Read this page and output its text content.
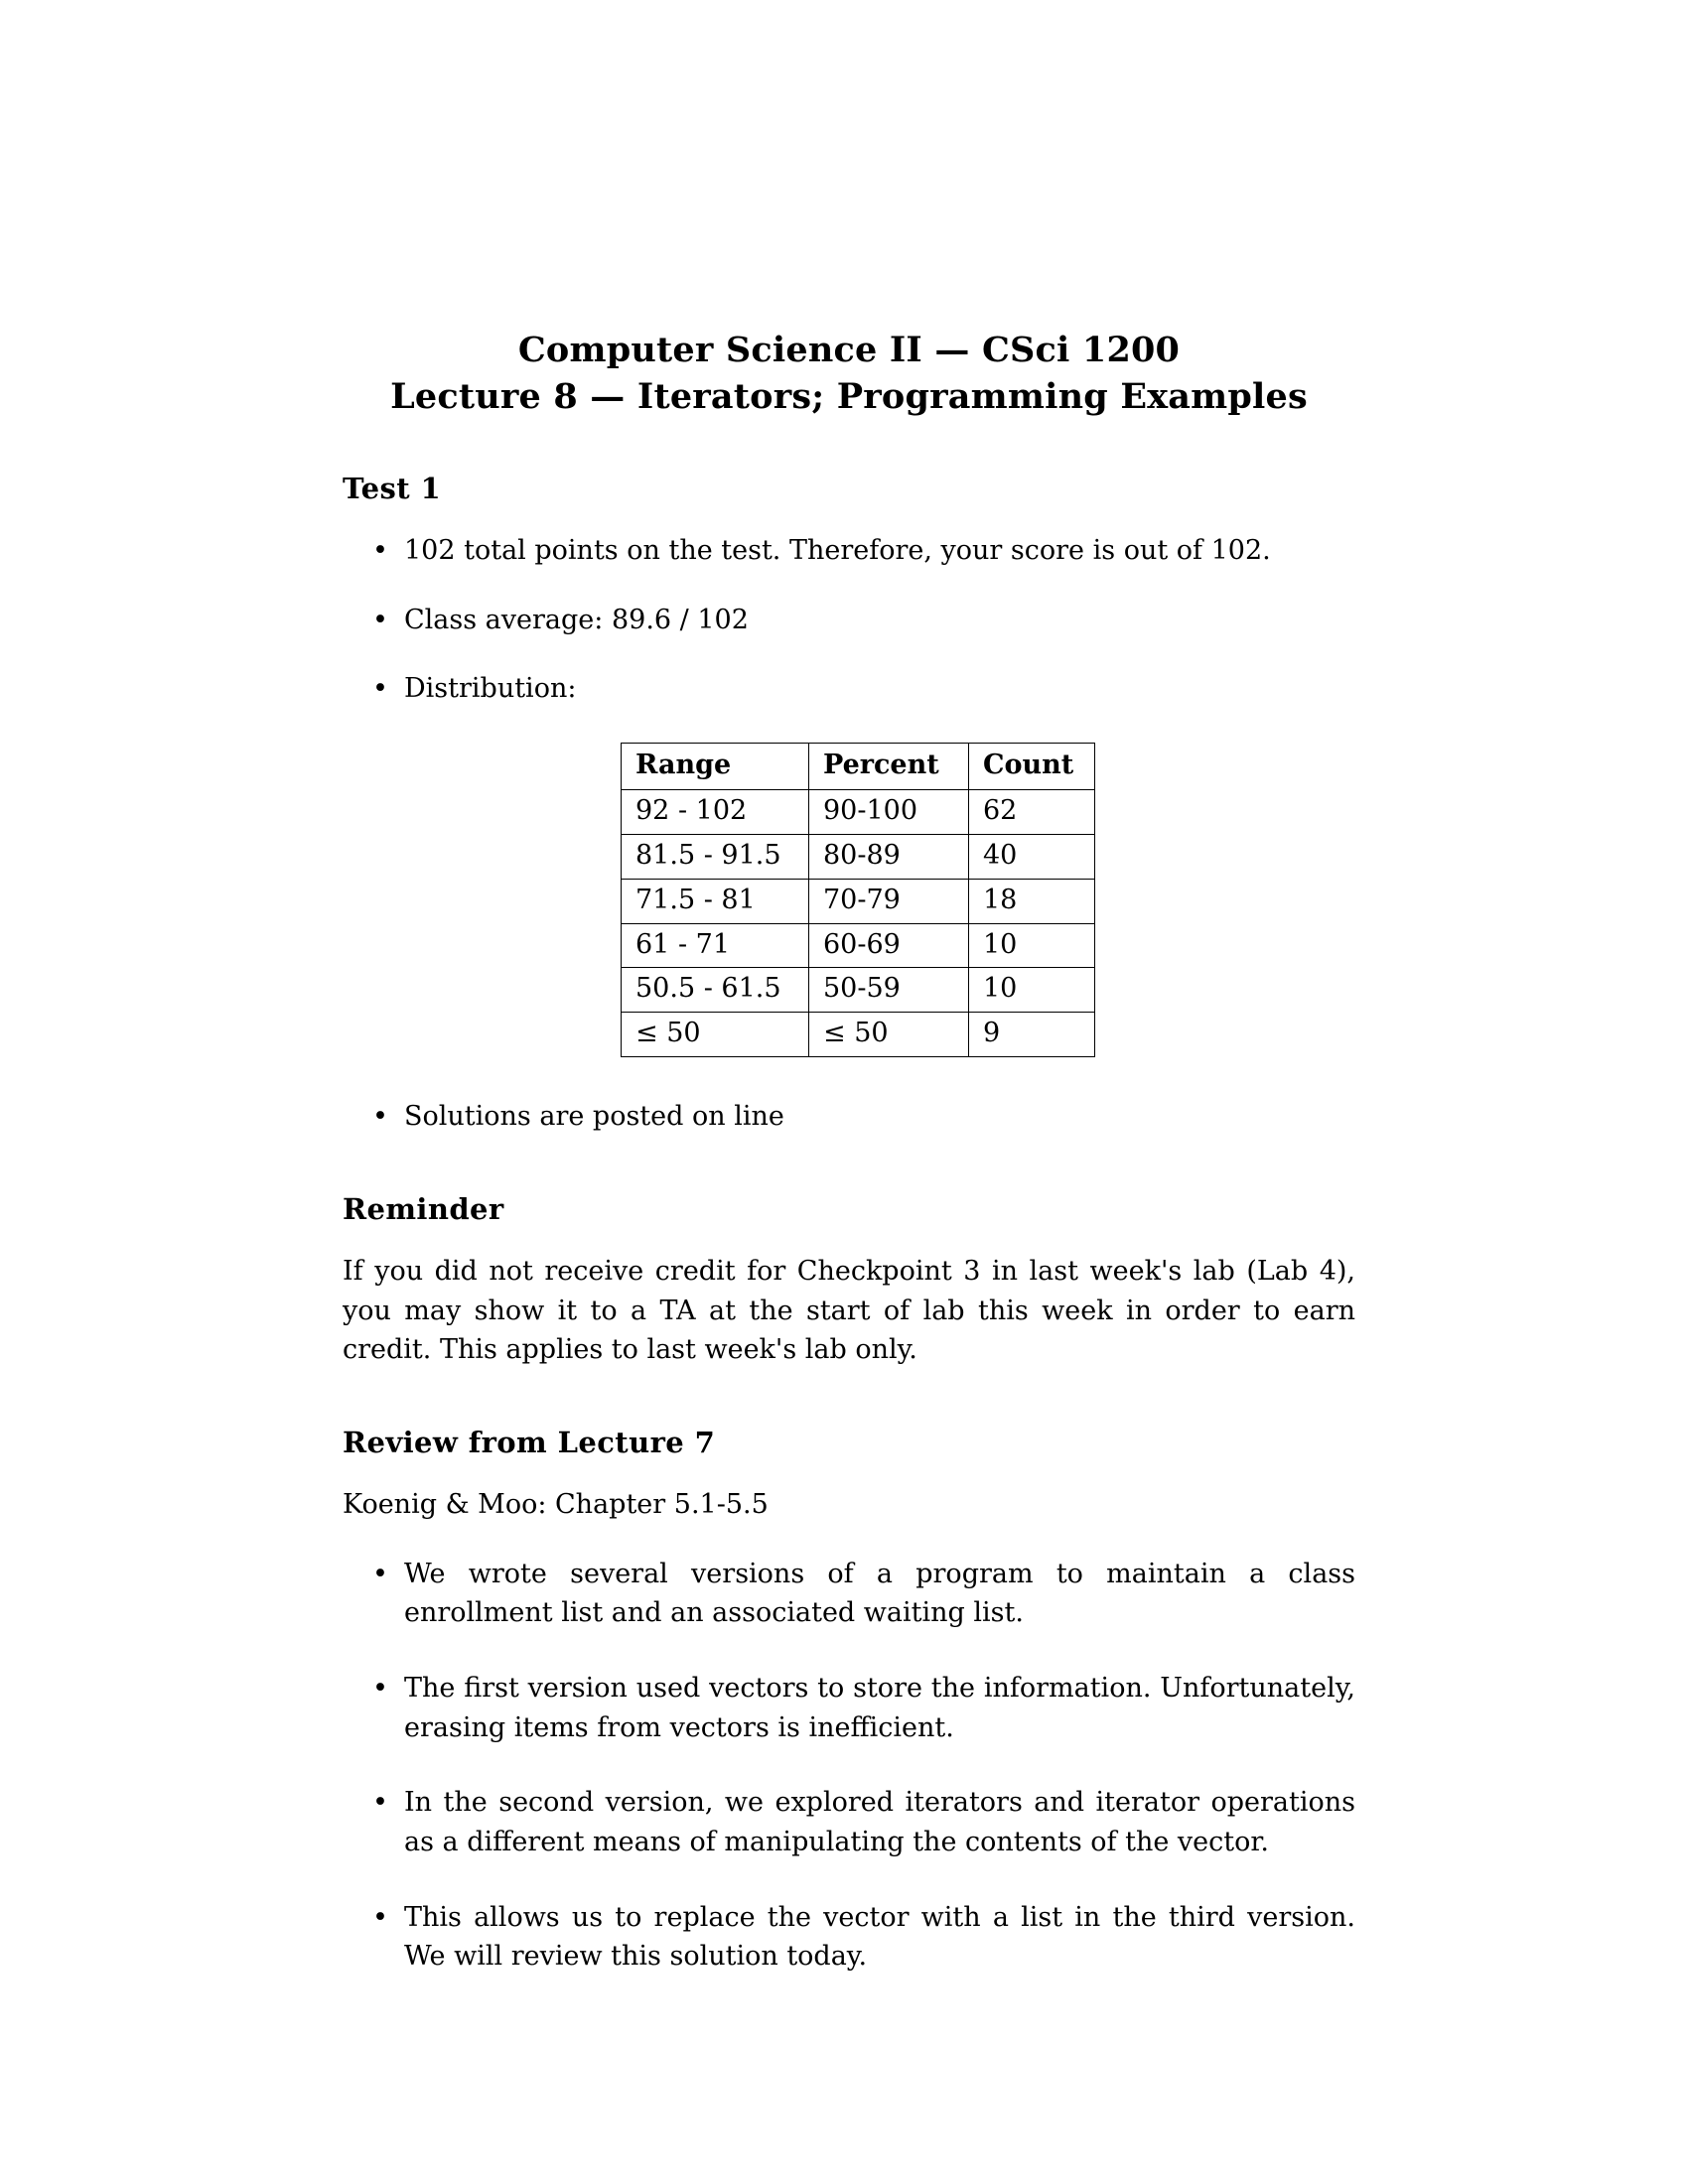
Computer Science II — CSci 1200
Lecture 8 — Iterators; Programming Examples
Test 1
• 102 total points on the test. Therefore, your score is out of 102.
• Class average: 89.6 / 102
• Distribution:
Range	Percent	Count
92 - 102	90-100	62
81.5 - 91.5	80-89	40
71.5 - 81	70-79	18
61 - 71	60-69	10
50.5 - 61.5	50-59	10
≤ 50	≤ 50	9
• Solutions are posted on line
Reminder

If you did not receive credit for Checkpoint 3 in last week's lab (Lab 4), you may show it to a TA at the start of lab this week in order to earn credit. This applies to last week's lab only.

Review from Lecture 7

Koenig & Moo: Chapter 5.1-5.5

• We wrote several versions of a program to maintain a class enrollment list and an associated waiting list.
• The first version used vectors to store the information. Unfortunately, erasing items from vectors is inefficient.
• In the second version, we explored iterators and iterator operations as a different means of manipulating the contents of the vector.
• This allows us to replace the vector with a list in the third version. We will review this solution today.
